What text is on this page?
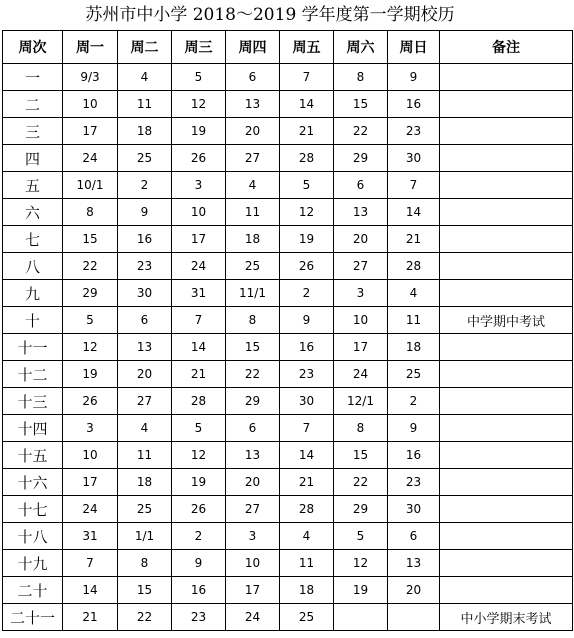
苏州市中小学 2018～2019 学年度第一学期校历
周次	周一	周二	周三	周四	周五	周六	周日	备注
一	9/3	4	5	6	7	8	9	
二	10	11	12	13	14	15	16	
三	17	18	19	20	21	22	23	
四	24	25	26	27	28	29	30	
五	10/1	2	3	4	5	6	7	
六	8	9	10	11	12	13	14	
七	15	16	17	18	19	20	21	
八	22	23	24	25	26	27	28	
九	29	30	31	11/1	2	3	4	
十	5	6	7	8	9	10	11	中学期中考试
十一	12	13	14	15	16	17	18	
十二	19	20	21	22	23	24	25	
十三	26	27	28	29	30	12/1	2	
十四	3	4	5	6	7	8	9	
十五	10	11	12	13	14	15	16	
十六	17	18	19	20	21	22	23	
十七	24	25	26	27	28	29	30	
十八	31	1/1	2	3	4	5	6	
十九	7	8	9	10	11	12	13	
二十	14	15	16	17	18	19	20	
二十一	21	22	23	24	25			中小学期末考试
